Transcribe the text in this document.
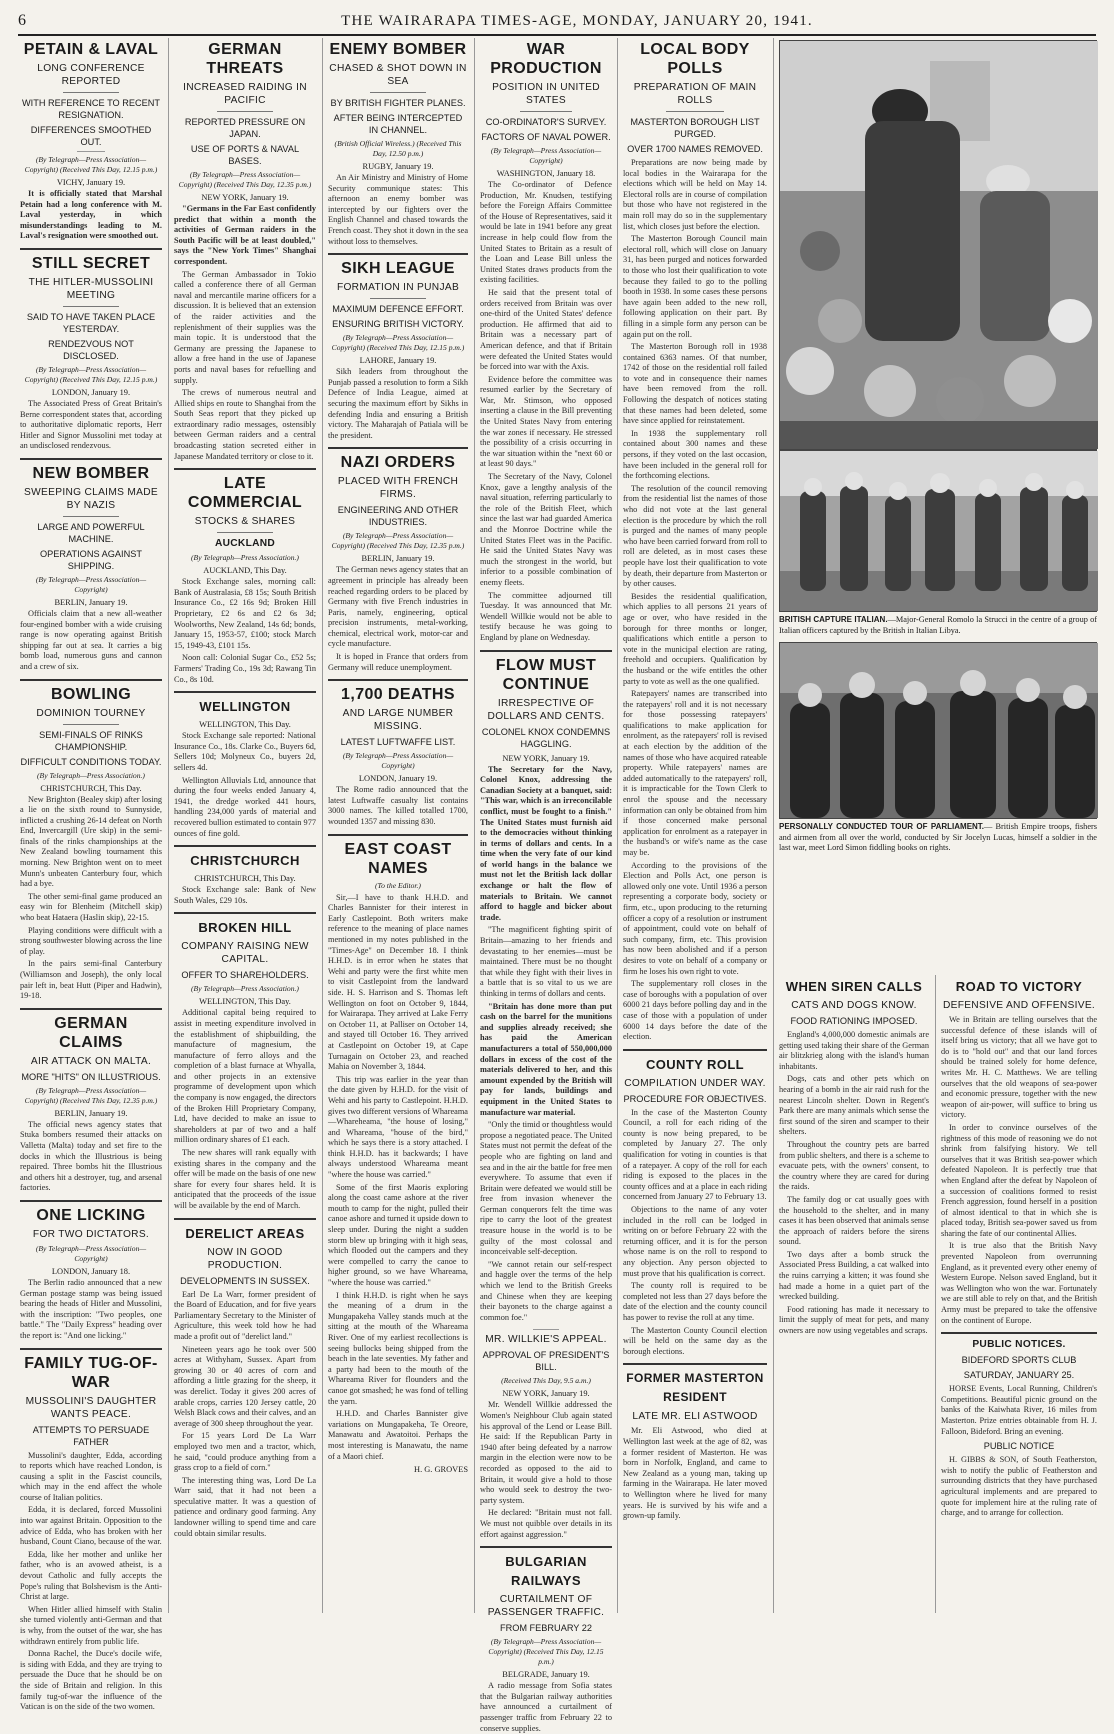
6	THE WAIRARAPA TIMES-AGE, MONDAY, JANUARY 20, 1941.
PETAIN & LAVAL
LONG CONFERENCE REPORTED
WITH REFERENCE TO RECENT RESIGNATION.
DIFFERENCES SMOOTHED OUT.
(By Telegraph—Press Association—Copyright) (Received This Day, 12.15 p.m.)
VICHY, January 19.

It is officially stated that Marshal Petain had a long conference with M. Laval yesterday, in which misunderstandings leading to M. Laval's resignation were smoothed out.

STILL SECRET
THE HITLER-MUSSOLINI MEETING
SAID TO HAVE TAKEN PLACE YESTERDAY.
RENDEZVOUS NOT DISCLOSED.
(By Telegraph—Press Association—Copyright) (Received This Day, 12.15 p.m.)
LONDON, January 19.

The Associated Press of Great Britain's Berne correspondent states that, according to authoritative diplomatic reports, Herr Hitler and Signor Mussolini met today at an undisclosed rendezvous.

NEW BOMBER
SWEEPING CLAIMS MADE BY NAZIS
LARGE AND POWERFUL MACHINE.
OPERATIONS AGAINST SHIPPING.
(By Telegraph—Press Association—Copyright)
BERLIN, January 19.

Officials claim that a new all-weather four-engined bomber with a wide cruising range is now operating against British shipping far out at sea. It carries a big bomb load, numerous guns and cannon and a crew of six.

BOWLING
DOMINION TOURNEY
SEMI-FINALS OF RINKS CHAMPIONSHIP.
DIFFICULT CONDITIONS TODAY.
(By Telegraph—Press Association.)
CHRISTCHURCH, This Day.

New Brighton (Bealey skip) after losing a lie on the sixth round to Sunnyside, inflicted a crushing 26-14 defeat on North End, Invercargill (Ure skip) in the semi-finals of the rinks championships at the New Zealand bowling tournament this morning. New Brighton went on to meet Munn's unbeaten Canterbury four, which had a bye.

The other semi-final game produced an easy win for Blenheim (Mitchell skip) who beat Hataera (Haslin skip), 22-15.

Playing conditions were difficult with a strong southwester blowing across the line of play.

In the pairs semi-final Canterbury (Williamson and Joseph), the only local pair left in, beat Hutt (Piper and Hadwin), 19-18.

GERMAN CLAIMS
AIR ATTACK ON MALTA.
MORE "HITS" ON ILLUSTRIOUS.
(By Telegraph—Press Association—Copyright) (Received This Day, 12.35 p.m.)
BERLIN, January 19.

The official news agency states that Stuka bombers resumed their attacks on Valletta (Malta) today and set fire to the docks in which the Illustrious is being repaired. Three bombs hit the Illustrious and others hit a destroyer, tug, and arsenal factories.

ONE LICKING
FOR TWO DICTATORS.
(By Telegraph—Press Association—Copyright)
LONDON, January 18.

The Berlin radio announced that a new German postage stamp was being issued bearing the heads of Hitler and Mussolini, with the inscription: "Two peoples, one battle." The "Daily Express" heading over the report is: "And one licking."

FAMILY TUG-OF-WAR
MUSSOLINI'S DAUGHTER WANTS PEACE.
ATTEMPTS TO PERSUADE FATHER

Mussolini's daughter, Edda, according to reports which have reached London, is causing a split in the Fascist councils, which may in the end affect the whole course of Italian politics.

Edda, it is declared, forced Mussolini into war against Britain. Opposition to the advice of Edda, who has broken with her husband, Count Ciano, because of the war.

Edda, like her mother and unlike her father, who is an avowed atheist, is a devout Catholic and fully accepts the Pope's ruling that Bolshevism is the Anti-Christ at large.

When Hitler allied himself with Stalin she turned violently anti-German and that is why, from the outset of the war, she has withdrawn entirely from public life.

Donna Rachel, the Duce's docile wife, is siding with Edda, and they are trying to persuade the Duce that he should be on the side of Britain and religion. In this family tug-of-war the influence of the Vatican is on the side of the two women.

GERMAN THREATS
INCREASED RAIDING IN PACIFIC
REPORTED PRESSURE ON JAPAN.
USE OF PORTS & NAVAL BASES.
(By Telegraph—Press Association—Copyright) (Received This Day, 12.35 p.m.)
NEW YORK, January 19.

"Germans in the Far East confidently predict that within a month the activities of German raiders in the South Pacific will be at least doubled," says the "New York Times" Shanghai correspondent.

The German Ambassador in Tokio called a conference there of all German naval and mercantile marine officers for a discussion. It is believed that an extension of the raider activities and the replenishment of their supplies was the main topic. It is understood that the Germany are pressing the Japanese to allow a free hand in the use of Japanese ports and naval bases for refuelling and supply.

The crews of numerous neutral and Allied ships en route to Shanghai from the South Seas report that they picked up extraordinary radio messages, ostensibly between German raiders and a central broadcasting station secreted either in Japanese Mandated territory or close to it.

LATE COMMERCIAL
STOCKS & SHARES
AUCKLAND
(By Telegraph—Press Association.)
AUCKLAND, This Day.

Stock Exchange sales, morning call: Bank of Australasia, £8 15s; South British Insurance Co., £2 16s 9d; Broken Hill Proprietary, £2 6s and £2 6s 3d; Woolworths, New Zealand, 14s 6d; bonds, January 15, 1953-57, £100; stock March 15, 1949-43, £101 15s.

Noon call: Colonial Sugar Co., £52 5s; Farmers' Trading Co., 19s 3d; Rawang Tin Co., 8s 10d.

WELLINGTON
WELLINGTON, This Day.

Stock Exchange sale reported: National Insurance Co., 18s. Clarke Co., Buyers 6d, Sellers 10d; Molyneux Co., buyers 2d, sellers 4d.

Wellington Alluvials Ltd, announce that during the four weeks ended January 4, 1941, the dredge worked 441 hours, handling 234,000 yards of material and recovered bullion estimated to contain 977 ounces of fine gold.

CHRISTCHURCH
CHRISTCHURCH, This Day.

Stock Exchange sale: Bank of New South Wales, £29 10s.

BROKEN HILL
COMPANY RAISING NEW CAPITAL.
OFFER TO SHAREHOLDERS.
(By Telegraph—Press Association.)
WELLINGTON, This Day.

Additional capital being required to assist in meeting expenditure involved in the establishment of shipbuilding, the manufacture of magnesium, the manufacture of ferro alloys and the completion of a blast furnace at Whyalla, and other projects in an extensive programme of development upon which the company is now engaged, the directors of the Broken Hill Proprietary Company, Ltd, have decided to make an issue to shareholders at par of two and a half million ordinary shares of £1 each.

The new shares will rank equally with existing shares in the company and the offer will be made on the basis of one new share for every four shares held. It is anticipated that the proceeds of the issue will be available by the end of March.

DERELICT AREAS
NOW IN GOOD PRODUCTION.
DEVELOPMENTS IN SUSSEX.

Earl De La Warr, former president of the Board of Education, and for five years Parliamentary Secretary to the Minister of Agriculture, this week told how he had made a profit out of "derelict land."

Nineteen years ago he took over 500 acres at Withyham, Sussex. Apart from growing 30 or 40 acres of corn and affording a little grazing for the sheep, it was derelict. Today it gives 200 acres of arable crops, carries 120 Jersey cattle, 20 Welsh Black cows and their calves, and an average of 300 sheep throughout the year.

For 15 years Lord De La Warr employed two men and a tractor, which, he said, "could produce anything from a grass crop to a field of corn."

The interesting thing was, Lord De La Warr said, that it had not been a speculative matter. It was a question of patience and ordinary good farming. Any landowner willing to spend time and care could obtain similar results.

ENEMY BOMBER
CHASED & SHOT DOWN IN SEA
BY BRITISH FIGHTER PLANES.
AFTER BEING INTERCEPTED IN CHANNEL.
(British Official Wireless.) (Received This Day, 12.50 p.m.)
RUGBY, January 19.

An Air Ministry and Ministry of Home Security communique states: This afternoon an enemy bomber was intercepted by our fighters over the English Channel and chased towards the French coast. They shot it down in the sea without loss to themselves.

SIKH LEAGUE
FORMATION IN PUNJAB
MAXIMUM DEFENCE EFFORT.
ENSURING BRITISH VICTORY.
(By Telegraph—Press Association—Copyright) (Received This Day, 12.15 p.m.)
LAHORE, January 19.

Sikh leaders from throughout the Punjab passed a resolution to form a Sikh Defence of India League, aimed at securing the maximum effort by Sikhs in defending India and ensuring a British victory. The Maharajah of Patiala will be the president.

NAZI ORDERS
PLACED WITH FRENCH FIRMS.
ENGINEERING AND OTHER INDUSTRIES.
(By Telegraph—Press Association—Copyright) (Received This Day, 12.35 p.m.)
BERLIN, January 19.

The German news agency states that an agreement in principle has already been reached regarding orders to be placed by Germany with five French industries in Paris, namely, engineering, optical precision instruments, metal-working, chemical, electrical work, motor-car and cycle manufacture.

It is hoped in France that orders from Germany will reduce unemployment.

1,700 DEATHS
AND LARGE NUMBER MISSING.
LATEST LUFTWAFFE LIST.
(By Telegraph—Press Association—Copyright)
LONDON, January 19.

The Rome radio announced that the latest Luftwaffe casualty list contains 3000 names. The killed totalled 1700, wounded 1357 and missing 830.

EAST COAST NAMES
(To the Editor.)

Sir,—I have to thank H.H.D. and Charles Bannister for their interest in Early Castlepoint. Both writers make reference to the meaning of place names mentioned in my notes published in the "Times-Age" on December 18. I think H.H.D. is in error when he states that Wehi and party were the first white men to visit Castlepoint from the landward side. H. S. Harrison and S. Thomas left Wellington on foot on October 9, 1844, for Wairarapa. They arrived at Lake Ferry on October 11, at Palliser on October 14, and stayed till October 16. They arrived at Castlepoint on October 19, at Cape Turnagain on October 23, and reached Mahia on November 3, 1844.

This trip was earlier in the year than the date given by H.H.D. for the visit of Wehi and his party to Castlepoint. H.H.D. gives two different versions of Whareama—Whareheama, "the house of losing," and Whareama, "house of the bird," which he says there is a story attached. I think H.H.D. has it backwards; I have always understood Whareama meant "where the house was carried."

Some of the first Maoris exploring along the coast came ashore at the river mouth to camp for the night, pulled their canoe ashore and turned it upside down to sleep under. During the night a sudden storm blew up bringing with it high seas, which flooded out the campers and they were compelled to carry the canoe to higher ground, so we have Whareama, "where the house was carried."

I think H.H.D. is right when he says the meaning of a drum in the Mungapakeha Valley stands much at the sitting at the mouth of the Whareama River. One of my earliest recollections is seeing bullocks being shipped from the beach in the late seventies. My father and a party had been to the mouth of the Whareama River for flounders and the canoe got smashed; he was fond of telling the yarn.

H.H.D. and Charles Bannister give variations on Mungapakeha, Te Oreore, Manawatu and Awatoitoi. Perhaps the most interesting is Manawatu, the name of a Maori chief.

H. G. GROVES
WAR PRODUCTION
POSITION IN UNITED STATES
CO-ORDINATOR'S SURVEY.
FACTORS OF NAVAL POWER.
(By Telegraph—Press Association—Copyright)
WASHINGTON, January 18.

The Co-ordinator of Defence Production, Mr. Knudsen, testifying before the Foreign Affairs Committee of the House of Representatives, said it would be late in 1941 before any great increase in help could flow from the United States to Britain as a result of the Loan and Lease Bill unless the United States draws products from the existing facilities.

He said that the present total of orders received from Britain was over one-third of the United States' defence production. He affirmed that aid to Britain was a necessary part of American defence, and that if Britain were defeated the United States would be forced into war with the Axis.

Evidence before the committee was resumed earlier by the Secretary of War, Mr. Stimson, who opposed inserting a clause in the Bill preventing the United States Navy from entering the war zones if necessary. He stressed the possibility of a crisis occurring in the war situation within the "next 60 or at least 90 days."

The Secretary of the Navy, Colonel Knox, gave a lengthy analysis of the naval situation, referring particularly to the role of the British Fleet, which since the last war had guarded America and the Monroe Doctrine while the United States Fleet was in the Pacific. He said the United States Navy was much the strongest in the world, but inferior to a possible combination of enemy fleets.

The committee adjourned till Tuesday. It was announced that Mr. Wendell Willkie would not be able to testify because he was going to England by plane on Wednesday.

FLOW MUST CONTINUE
IRRESPECTIVE OF DOLLARS AND CENTS.
COLONEL KNOX CONDEMNS HAGGLING.
NEW YORK, January 19.

The Secretary for the Navy, Colonel Knox, addressing the Canadian Society at a banquet, said: "This war, which is an irreconcilable conflict, must be fought to a finish." The United States must furnish aid to the democracies without thinking in terms of dollars and cents. In a time when the very fate of our kind of world hangs in the balance we must not let the British lack dollar exchange or halt the flow of materials to Britain. We cannot afford to haggle and bicker about trade.

"The magnificent fighting spirit of Britain—amazing to her friends and devastating to her enemies—must be maintained. There must be no thought that while they fight with their lives in a battle that is so vital to us we are thinking in terms of dollars and cents.

"Britain has done more than put cash on the barrel for the munitions and supplies already received; she has paid the American manufacturers a total of 550,000,000 dollars in excess of the cost of the materials delivered to her, and this amount expended by the British will pay for lands, buildings and equipment in the United States to manufacture war material.

"Only the timid or thoughtless would propose a negotiated peace. The United States must not permit the defeat of the people who are fighting on land and sea and in the air the battle for free men everywhere. To assume that even if Britain were defeated we would still be free from invasion whenever the German conquerors felt the time was ripe to carry the loot of the greatest treasure house in the world is to be guilty of the most colossal and inconceivable self-deception.

"We cannot retain our self-respect and haggle over the terms of the help which we lend to the British Greeks and Chinese when they are keeping their bayonets to the charge against a common foe."

MR. WILLKIE'S APPEAL.
APPROVAL OF PRESIDENT'S BILL.
(Received This Day, 9.5 a.m.)
NEW YORK, January 19.

Mr. Wendell Willkie addressed the Women's Neighbour Club again stated his approval of the Lend or Lease Bill. He said: If the Republican Party in 1940 after being defeated by a narrow margin in the election were now to be recorded as opposed to the aid to Britain, it would give a hold to those who would seek to destroy the two-party system.

He declared: "Britain must not fall. We must not quibble over details in its effort against aggression."

BULGARIAN RAILWAYS
CURTAILMENT OF PASSENGER TRAFFIC.
FROM FEBRUARY 22
(By Telegraph—Press Association—Copyright) (Received This Day, 12.15 p.m.)
BELGRADE, January 19.

A radio message from Sofia states that the Bulgarian railway authorities have announced a curtailment of passenger traffic from February 22 to conserve supplies.

LOCAL BODY POLLS
PREPARATION OF MAIN ROLLS
MASTERTON BOROUGH LIST PURGED.
OVER 1700 NAMES REMOVED.

Preparations are now being made by local bodies in the Wairarapa for the elections which will be held on May 14. Electoral rolls are in course of compilation but those who have not registered in the main roll may do so in the supplementary list, which closes just before the election.

The Masterton Borough Council main electoral roll, which will close on January 31, has been purged and notices forwarded to those who lost their qualification to vote because they failed to go to the polling booth in 1938. In some cases these persons have again been added to the new roll, following application on their part. By filling in a simple form any person can be again put on the roll.

The Masterton Borough roll in 1938 contained 6363 names. Of that number, 1742 of those on the residential roll failed to vote and in consequence their names have been removed from the roll. Following the despatch of notices stating that these names had been deleted, some have since applied for reinstatement.

In 1938 the supplementary roll contained about 300 names and these persons, if they voted on the last occasion, have been included in the general roll for the forthcoming elections.

The resolution of the council removing from the residential list the names of those who did not vote at the last general election is the procedure by which the roll is purged and the names of many people who have been carried forward from roll to roll are deleted, as in most cases these people have lost their qualification to vote by death, their departure from Masterton or by other causes.

Besides the residential qualification, which applies to all persons 21 years of age or over, who have resided in the borough for three months or longer, qualifications which entitle a person to vote in the municipal election are rating, freehold and occupiers. Qualification by the husband or the wife entitles the other party to vote as well as the one qualified.

Ratepayers' names are transcribed into the ratepayers' roll and it is not necessary for those possessing ratepayers' qualifications to make application for enrolment, as the ratepayers' roll is revised at each election by the addition of the names of those who have acquired rateable property. While ratepayers' names are added automatically to the ratepayers' roll, it is impracticable for the Town Clerk to enrol the spouse and the necessary information can only be obtained from him if those concerned make personal application for enrolment as a ratepayer in the husband's or wife's name as the case may be.

According to the provisions of the Election and Polls Act, one person is allowed only one vote. Until 1936 a person representing a corporate body, society or firm, etc., upon producing to the returning officer a copy of a resolution or instrument of appointment, could vote on behalf of such company, firm, etc. This provision has now been abolished and if a person desires to vote on behalf of a company or firm he loses his own right to vote.

The supplementary roll closes in the case of boroughs with a population of over 6000 21 days before polling day and in the case of those with a population of under 6000 14 days before the date of the election.

COUNTY ROLL
COMPILATION UNDER WAY.
PROCEDURE FOR OBJECTIVES.

In the case of the Masterton County Council, a roll for each riding of the county is now being prepared, to be completed by January 27. The only qualification for voting in counties is that of a ratepayer. A copy of the roll for each riding is exposed to the places in the county offices and at a place in each riding concerned from January 27 to February 13.

Objections to the name of any voter included in the roll can be lodged in writing on or before February 22 with the returning officer, and it is for the person whose name is on the roll to respond to any objection. Any person objected to must prove that his qualification is correct.

The county roll is required to be completed not less than 27 days before the date of the election and the county council has power to revise the roll at any time.

The Masterton County Council election will be held on the same day as the borough elections.

FORMER MASTERTON RESIDENT
LATE MR. ELI ASTWOOD

Mr. Eli Astwood, who died at Wellington last week at the age of 82, was a former resident of Masterton. He was born in Norfolk, England, and came to New Zealand as a young man, taking up farming in the Wairarapa. He later moved to Wellington where he lived for many years. He is survived by his wife and a grown-up family.

BRITISH CAPTURE ITALIAN.—Major-General Romolo la Strucci in the centre of a group of Italian officers captured by the British in Italian Libya.
PERSONALLY CONDUCTED TOUR OF PARLIAMENT.— British Empire troops, fishers and airmen from all over the world, conducted by Sir Jocelyn Lucas, himself a soldier in the last war, meet Lord Simon fiddling books on rights.
WHEN SIREN CALLS
CATS AND DOGS KNOW.
FOOD RATIONING IMPOSED.

England's 4,000,000 domestic animals are getting used taking their share of the German air blitzkrieg along with the island's human inhabitants.

Dogs, cats and other pets which on hearing of a bomb in the air raid rush for the nearest Lincoln shelter. Down in Regent's Park there are many animals which sense the first sound of the siren and scamper to their shelters.

Throughout the country pets are barred from public shelters, and there is a scheme to evacuate pets, with the owners' consent, to the country where they are cared for during the raids.

The family dog or cat usually goes with the household to the shelter, and in many cases it has been observed that animals sense the approach of raiders before the sirens sound.

Two days after a bomb struck the Associated Press Building, a cat walked into the ruins carrying a kitten; it was found she had made a home in a quiet part of the wrecked building.

Food rationing has made it necessary to limit the supply of meat for pets, and many owners are now using vegetables and scraps.

ROAD TO VICTORY
DEFENSIVE AND OFFENSIVE.

We in Britain are telling ourselves that the successful defence of these islands will of itself bring us victory; that all we have got to do is to "hold out" and that our land forces should be trained solely for home defence, writes Mr. H. C. Matthews. We are telling ourselves that the old weapons of sea-power and economic pressure, together with the new weapon of air-power, will suffice to bring us victory.

In order to convince ourselves of the rightness of this mode of reasoning we do not shrink from falsifying history. We tell ourselves that it was British sea-power which defeated Napoleon. It is perfectly true that when England after the defeat by Napoleon of a succession of coalitions formed to resist French aggression, found herself in a position of almost identical to that in which she is placed today, British sea-power saved us from sharing the fate of our continental Allies.

It is true also that the British Navy prevented Napoleon from overrunning England, as it prevented every other enemy of Western Europe. Nelson saved England, but it was Wellington who won the war. Fortunately we are still able to rely on that, and the British Army must be prepared to take the offensive on the continent of Europe.

PUBLIC NOTICES.
BIDEFORD SPORTS CLUB
SATURDAY, JANUARY 25.

HORSE Events, Local Running, Children's Competitions. Beautiful picnic ground on the banks of the Kaiwhata River, 16 miles from Masterton. Prize entries obtainable from H. J. Falloon, Bideford. Bring an evening.

PUBLIC NOTICE

H. GIBBS & SON, of South Featherston, wish to notify the public of Featherston and surrounding districts that they have purchased agricultural implements and are prepared to quote for implement hire at the ruling rate of charge, and to arrange for collection.
